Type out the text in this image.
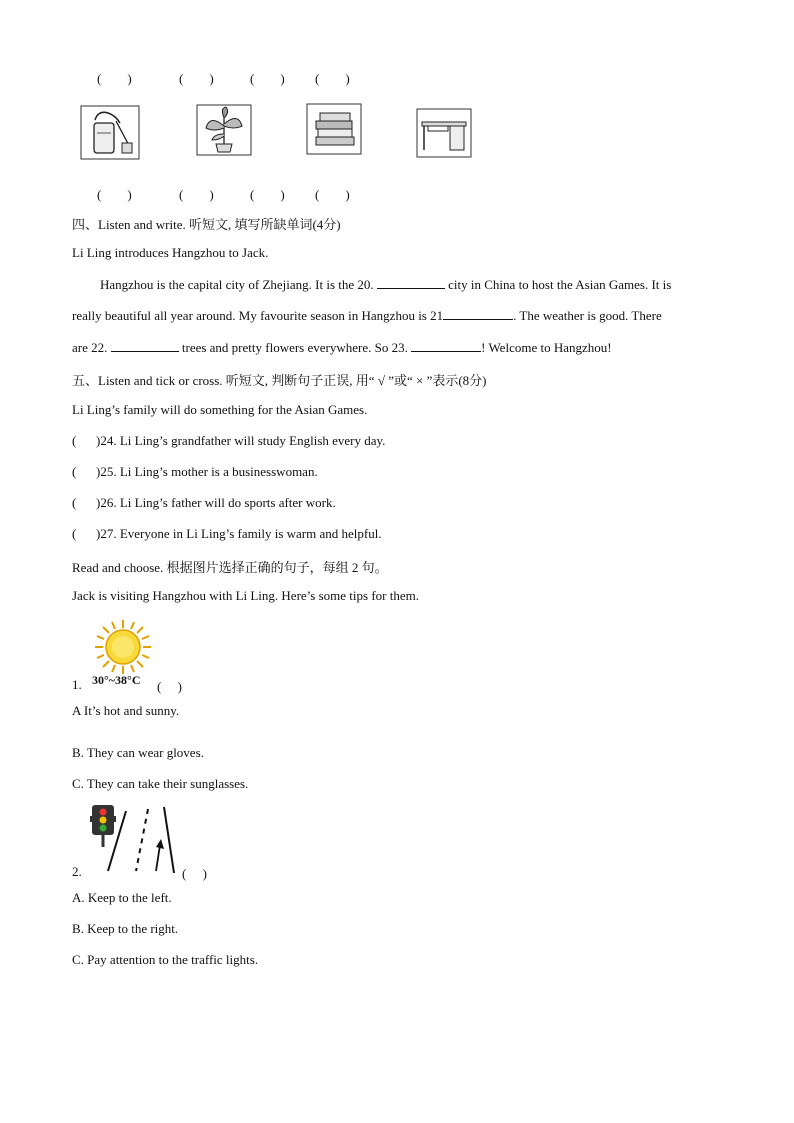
(　　)	(　　)	(　　) (　　)
(　　)	(　　)	(　　) (　　)
四、Listen and write. 听短文, 填写所缺单词(4分)
Li Ling introduces Hangzhou to Jack.
Hangzhou is the capital city of Zhejiang. It is the 20.	city in China to host the Asian Games. It is
really beautiful all year around. My favourite season in Hangzhou is 21	. The weather is good. There
are 22.	trees and pretty flowers everywhere. So 23.	! Welcome to Hangzhou!
五、Listen and tick or cross. 听短文, 判断句子正误, 用“ √ ”或“ × ”表示(8分)
Li Ling’s family will do something for the Asian Games.
( )24. Li Ling’s grandfather will study English every day.
( )25. Li Ling’s mother is a businesswoman.
( )26. Li Ling’s father will do sports after work.
( )27. Everyone in Li Ling’s family is warm and helpful.
Read and choose. 根据图片选择正确的句子，每组 2 句。
Jack is visiting Hangzhou with Li Ling. Here’s some tips for them.
1. 30°~38°C (　 )
A It’s hot and sunny.
B. They can wear gloves.
C. They can take their sunglasses.
2.	(　 )
A. Keep to the left.
B. Keep to the right.
C. Pay attention to the traffic lights.
